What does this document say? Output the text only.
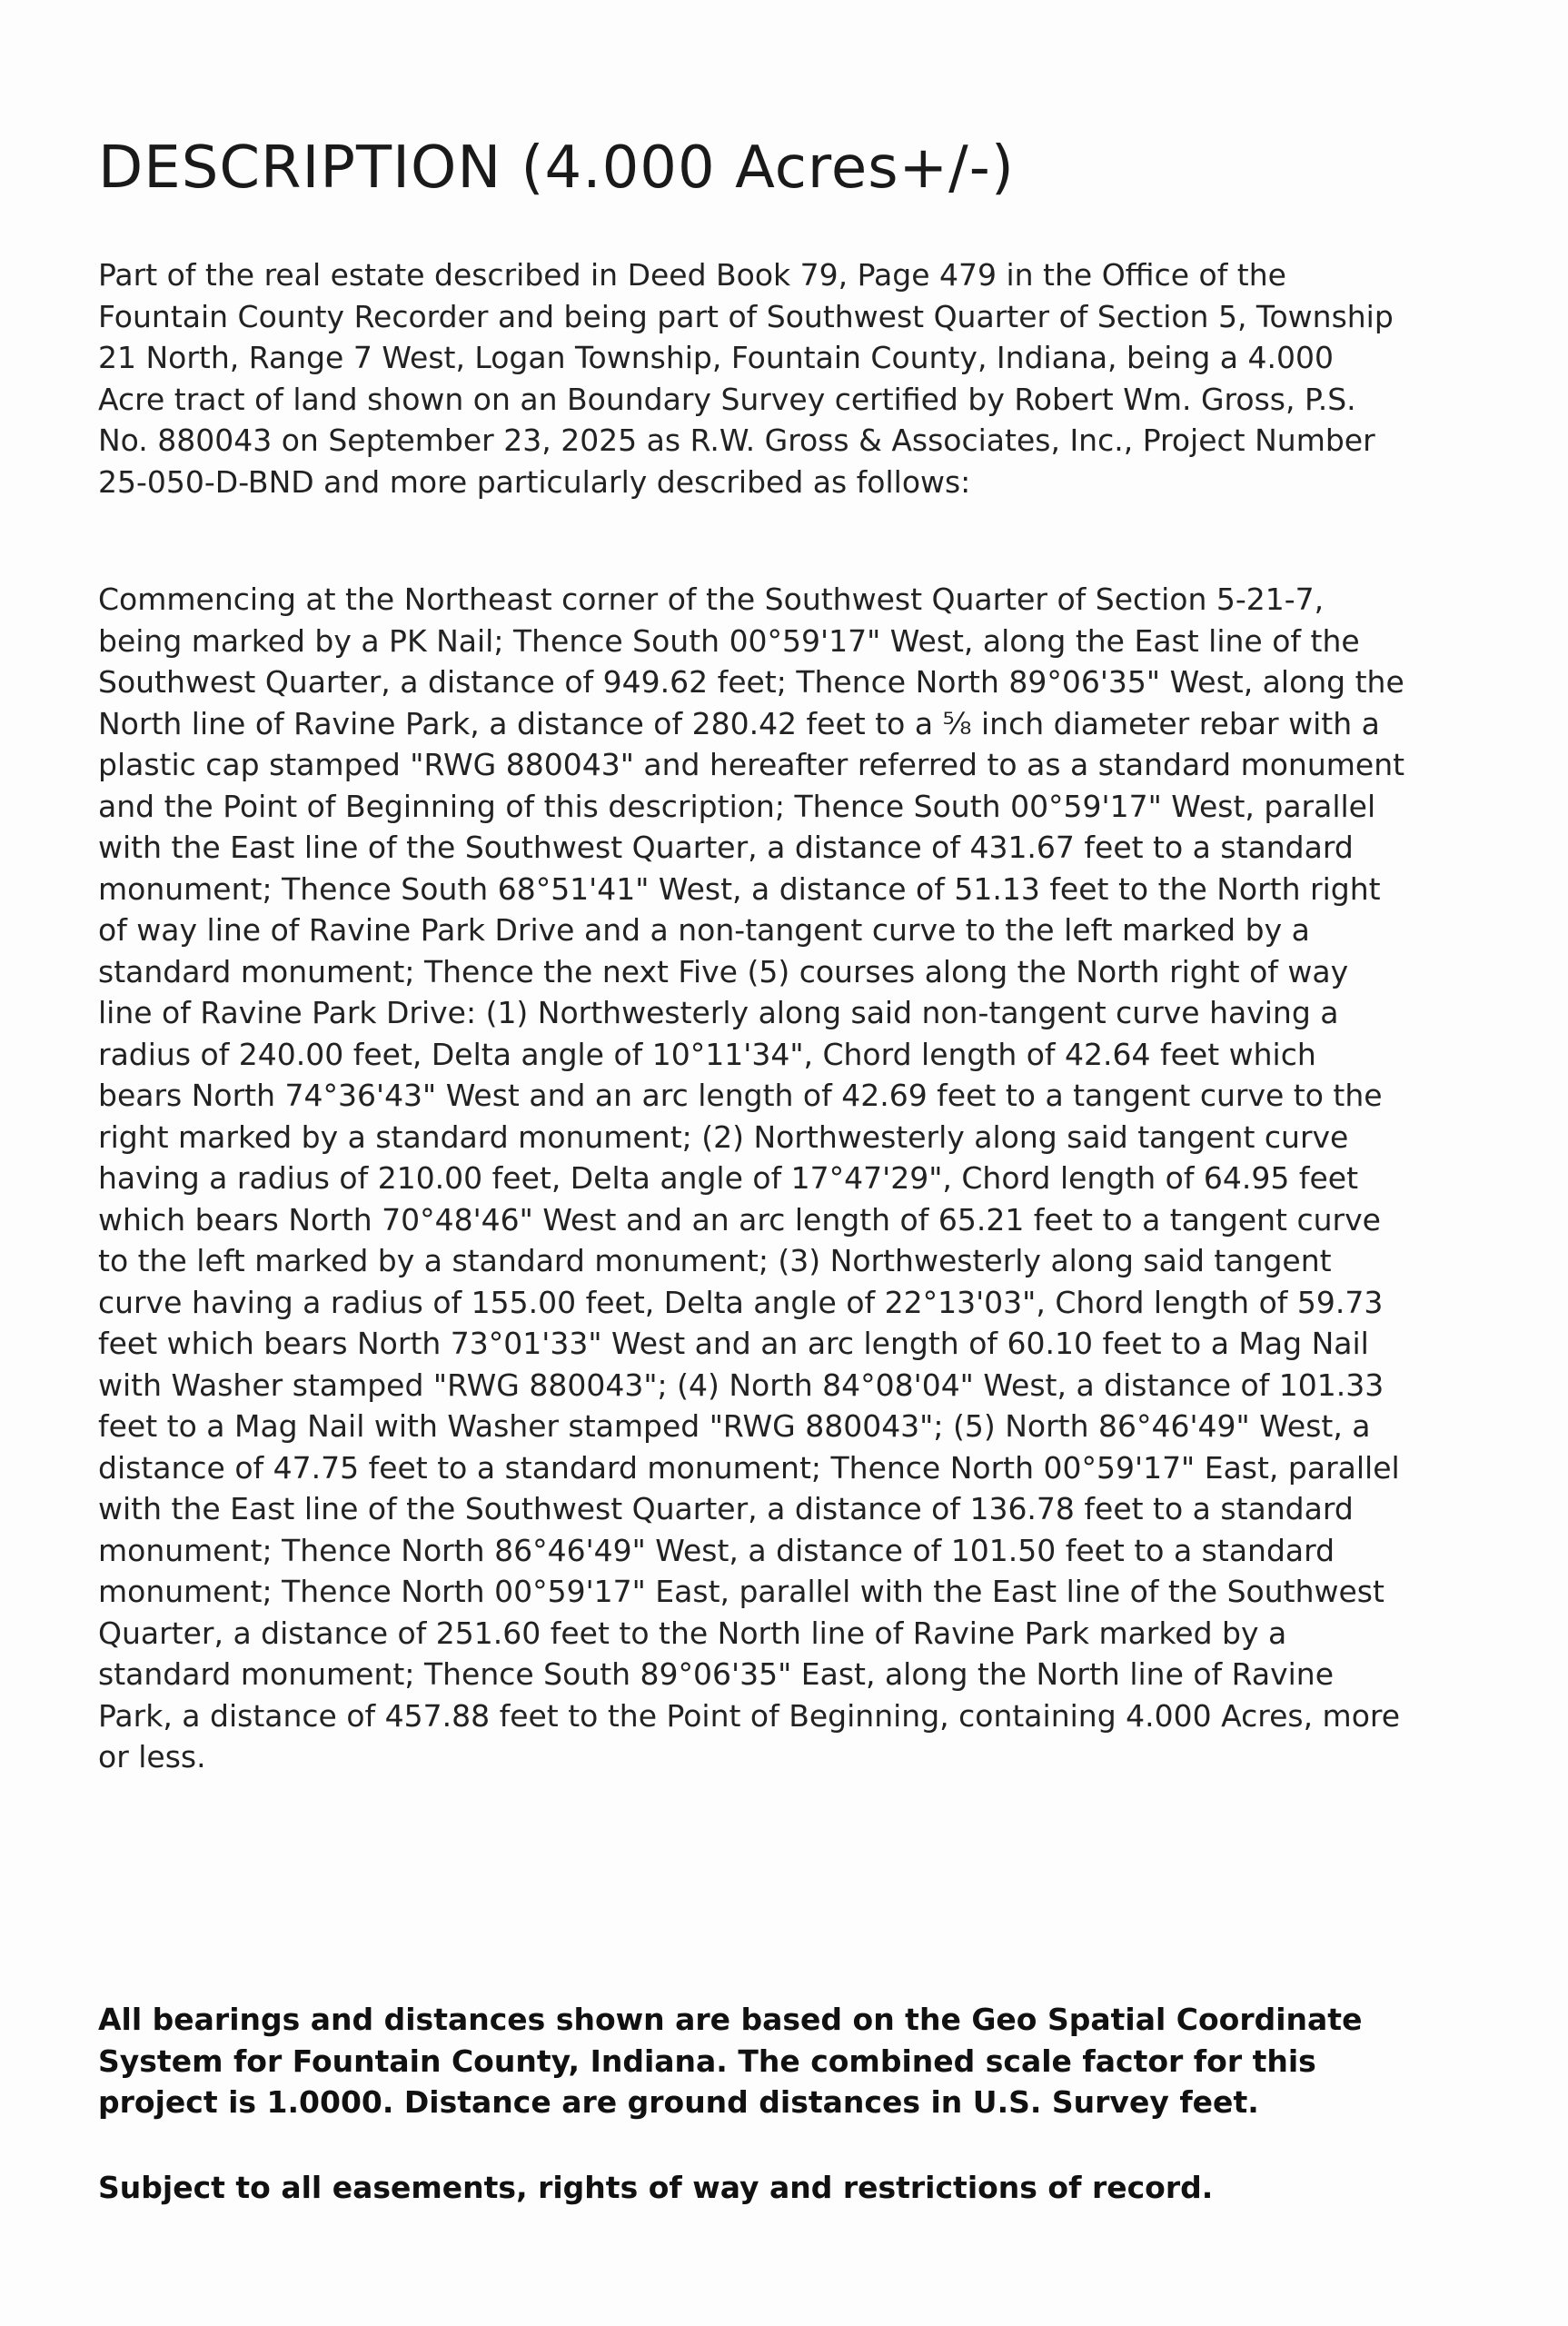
DESCRIPTION (4.000 Acres+/-)

Part of the real estate described in Deed Book 79, Page 479 in the Office of the Fountain County Recorder and being part of Southwest Quarter of Section 5, Township 21 North, Range 7 West, Logan Township, Fountain County, Indiana, being a 4.000 Acre tract of land shown on an Boundary Survey certified by Robert Wm. Gross, P.S. No. 880043 on September 23, 2025 as R.W. Gross & Associates, Inc., Project Number 25-050-D-BND and more particularly described as follows:

Commencing at the Northeast corner of the Southwest Quarter of Section 5-21-7, being marked by a PK Nail; Thence South 00°59'17" West, along the East line of the Southwest Quarter, a distance of 949.62 feet; Thence North 89°06'35" West, along the North line of Ravine Park, a distance of 280.42 feet to a ⅝ inch diameter rebar with a plastic cap stamped "RWG 880043" and hereafter referred to as a standard monument and the Point of Beginning of this description; Thence South 00°59'17" West, parallel with the East line of the Southwest Quarter, a distance of 431.67 feet to a standard monument; Thence South 68°51'41" West, a distance of 51.13 feet to the North right of way line of Ravine Park Drive and a non-tangent curve to the left marked by a standard monument; Thence the next Five (5) courses along the North right of way line of Ravine Park Drive: (1) Northwesterly along said non-tangent curve having a radius of 240.00 feet, Delta angle of 10°11'34", Chord length of 42.64 feet which bears North 74°36'43" West and an arc length of 42.69 feet to a tangent curve to the right marked by a standard monument; (2) Northwesterly along said tangent curve having a radius of 210.00 feet, Delta angle of 17°47'29", Chord length of 64.95 feet which bears North 70°48'46" West and an arc length of 65.21 feet to a tangent curve to the left marked by a standard monument; (3) Northwesterly along said tangent curve having a radius of 155.00 feet, Delta angle of 22°13'03", Chord length of 59.73 feet which bears North 73°01'33" West and an arc length of 60.10 feet to a Mag Nail with Washer stamped "RWG 880043"; (4) North 84°08'04" West, a distance of 101.33 feet to a Mag Nail with Washer stamped "RWG 880043"; (5) North 86°46'49" West, a distance of 47.75 feet to a standard monument; Thence North 00°59'17" East, parallel with the East line of the Southwest Quarter, a distance of 136.78 feet to a standard monument; Thence North 86°46'49" West, a distance of 101.50 feet to a standard monument; Thence North 00°59'17" East, parallel with the East line of the Southwest Quarter, a distance of 251.60 feet to the North line of Ravine Park marked by a standard monument; Thence South 89°06'35" East, along the North line of Ravine Park, a distance of 457.88 feet to the Point of Beginning, containing 4.000 Acres, more or less.

All bearings and distances shown are based on the Geo Spatial Coordinate System for Fountain County, Indiana. The combined scale factor for this project is 1.0000. Distance are ground distances in U.S. Survey feet.

Subject to all easements, rights of way and restrictions of record.
